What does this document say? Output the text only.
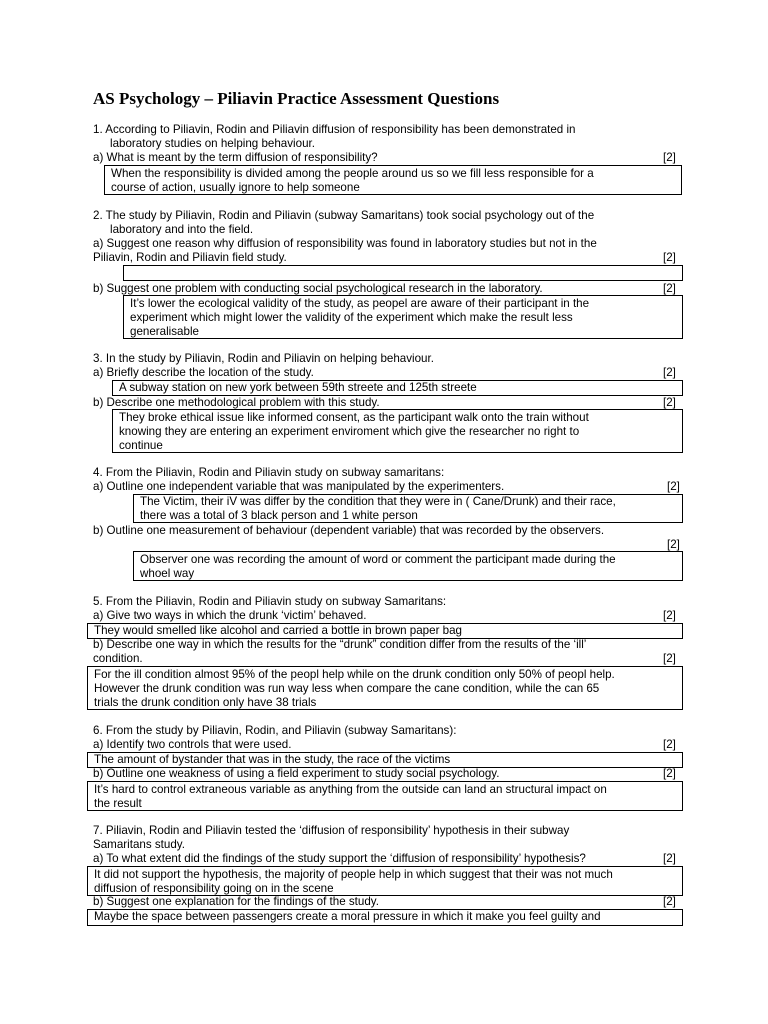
AS Psychology – Piliavin Practice Assessment Questions
1. According to Piliavin, Rodin and Piliavin diffusion of responsibility has been demonstrated in
laboratory studies on helping behaviour.
a) What is meant by the term diffusion of responsibility?	[2]
When the responsibility is divided among the people around us so we fill less responsible for a
course of action, usually ignore to help someone
2. The study by Piliavin, Rodin and Piliavin (subway Samaritans) took social psychology out of the
laboratory and into the field.
a) Suggest one reason why diffusion of responsibility was found in laboratory studies but not in the
Piliavin, Rodin and Piliavin field study.	[2]
b) Suggest one problem with conducting social psychological research in the laboratory.	[2]
It’s lower the ecological validity of the study, as peopel are aware of their participant in the
experiment which might lower the validity of the experiment which make the result less
generalisable
3. In the study by Piliavin, Rodin and Piliavin on helping behaviour.
a) Briefly describe the location of the study.	[2]
A subway station on new york between 59th streete and 125th streete
b) Describe one methodological problem with this study.	[2]
They broke ethical issue like informed consent, as the participant walk onto the train without
knowing they are entering an experiment enviroment which give the researcher no right to
continue
4. From the Piliavin, Rodin and Piliavin study on subway samaritans:
a) Outline one independent variable that was manipulated by the experimenters.	[2]
The Victim, their iV was differ by the condition that they were in ( Cane/Drunk) and their race,
there was a total of 3 black person and 1 white person
b) Outline one measurement of behaviour (dependent variable) that was recorded by the observers.
[2]
Observer one was recording the amount of word or comment the participant made during the
whoel way
5. From the Piliavin, Rodin and Piliavin study on subway Samaritans:
a) Give two ways in which the drunk ‘victim’ behaved.	[2]
They would smelled like alcohol and carried a bottle in brown paper bag
b) Describe one way in which the results for the “drunk” condition differ from the results of the ‘ill’
condition.	[2]
For the ill condition almost 95% of the peopl help while on the drunk condition only 50% of peopl help.
However the drunk condition was run way less when compare the cane condition, while the can 65
trials the drunk condition only have 38 trials
6. From the study by Piliavin, Rodin, and Piliavin (subway Samaritans):
a) Identify two controls that were used.	[2]
The amount of bystander that was in the study, the race of the victims
b) Outline one weakness of using a field experiment to study social psychology.	[2]
It’s hard to control extraneous variable as anything from the outside can land an structural impact on
the result
7. Piliavin, Rodin and Piliavin tested the ‘diffusion of responsibility’ hypothesis in their subway
Samaritans study.
a) To what extent did the findings of the study support the ‘diffusion of responsibility’ hypothesis?	[2]
It did not support the hypothesis, the majority of people help in which suggest that their was not much
diffusion of responsibility going on in the scene
b) Suggest one explanation for the findings of the study.	[2]
Maybe the space between passengers create a moral pressure in which it make you feel guilty and
